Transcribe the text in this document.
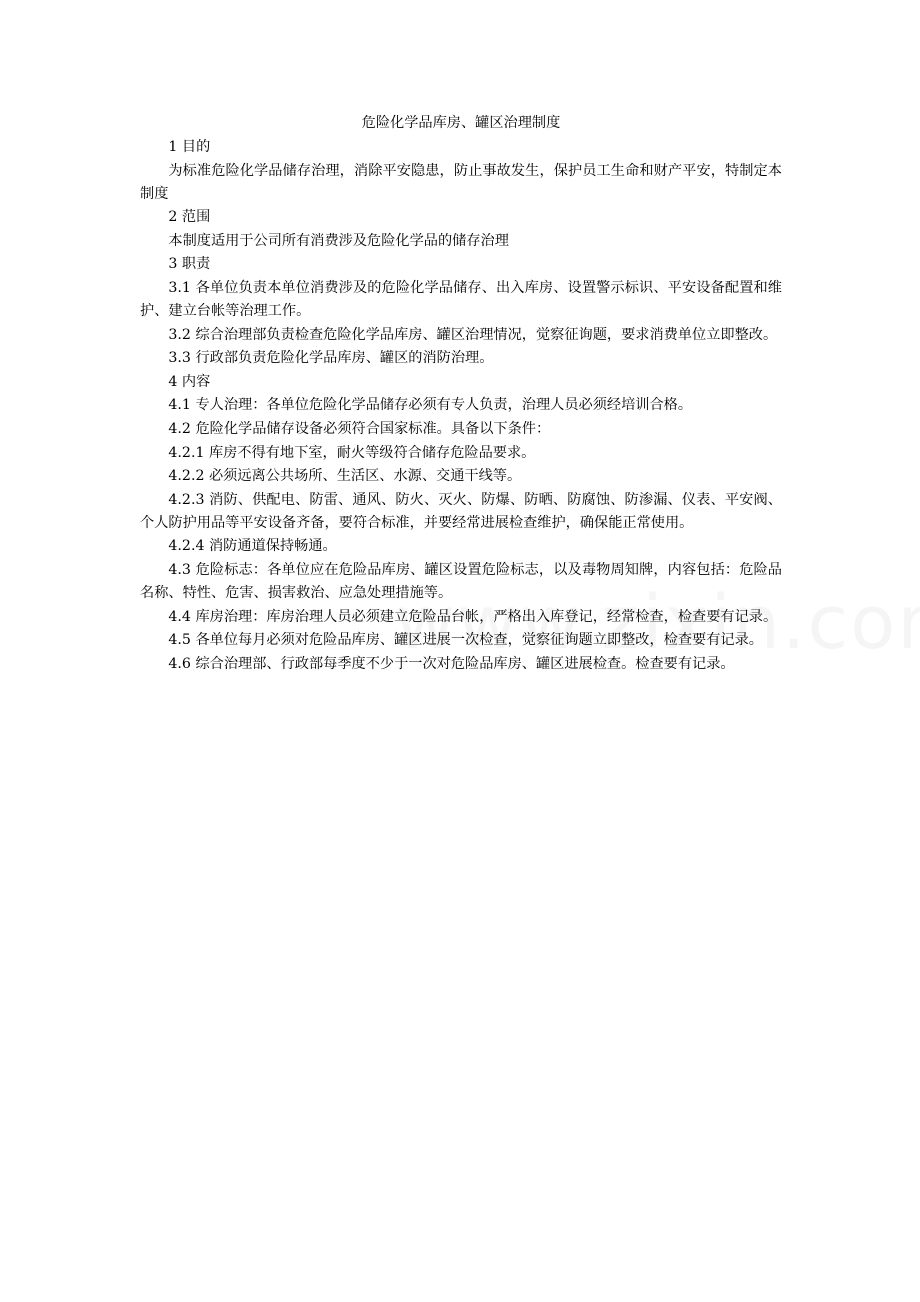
危险化学品库房、罐区治理制度

1 目的

为标准危险化学品储存治理，消除平安隐患，防止事故发生，保护员工生命和财产平安，特制定本制度

2 范围

本制度适用于公司所有消费涉及危险化学品的储存治理

3 职责

3.1 各单位负责本单位消费涉及的危险化学品储存、出入库房、设置警示标识、平安设备配置和维护、建立台帐等治理工作。

3.2 综合治理部负责检查危险化学品库房、罐区治理情况，觉察征询题，要求消费单位立即整改。

3.3 行政部负责危险化学品库房、罐区的消防治理。

4 内容

4.1 专人治理：各单位危险化学品储存必须有专人负责，治理人员必须经培训合格。

4.2 危险化学品储存设备必须符合国家标准。具备以下条件：

4.2.1 库房不得有地下室，耐火等级符合储存危险品要求。

4.2.2 必须远离公共场所、生活区、水源、交通干线等。

4.2.3 消防、供配电、防雷、通风、防火、灭火、防爆、防晒、防腐蚀、防渗漏、仪表、平安阀、个人防护用品等平安设备齐备，要符合标准，并要经常进展检查维护，确保能正常使用。

4.2.4 消防通道保持畅通。

4.3 危险标志：各单位应在危险品库房、罐区设置危险标志，以及毒物周知牌，内容包括：危险品名称、特性、危害、损害救治、应急处理措施等。

4.4 库房治理：库房治理人员必须建立危险品台帐，严格出入库登记，经常检查，检查要有记录。

4.5 各单位每月必须对危险品库房、罐区进展一次检查，觉察征询题立即整改，检查要有记录。

4.6 综合治理部、行政部每季度不少于一次对危险品库房、罐区进展检查。检查要有记录。
